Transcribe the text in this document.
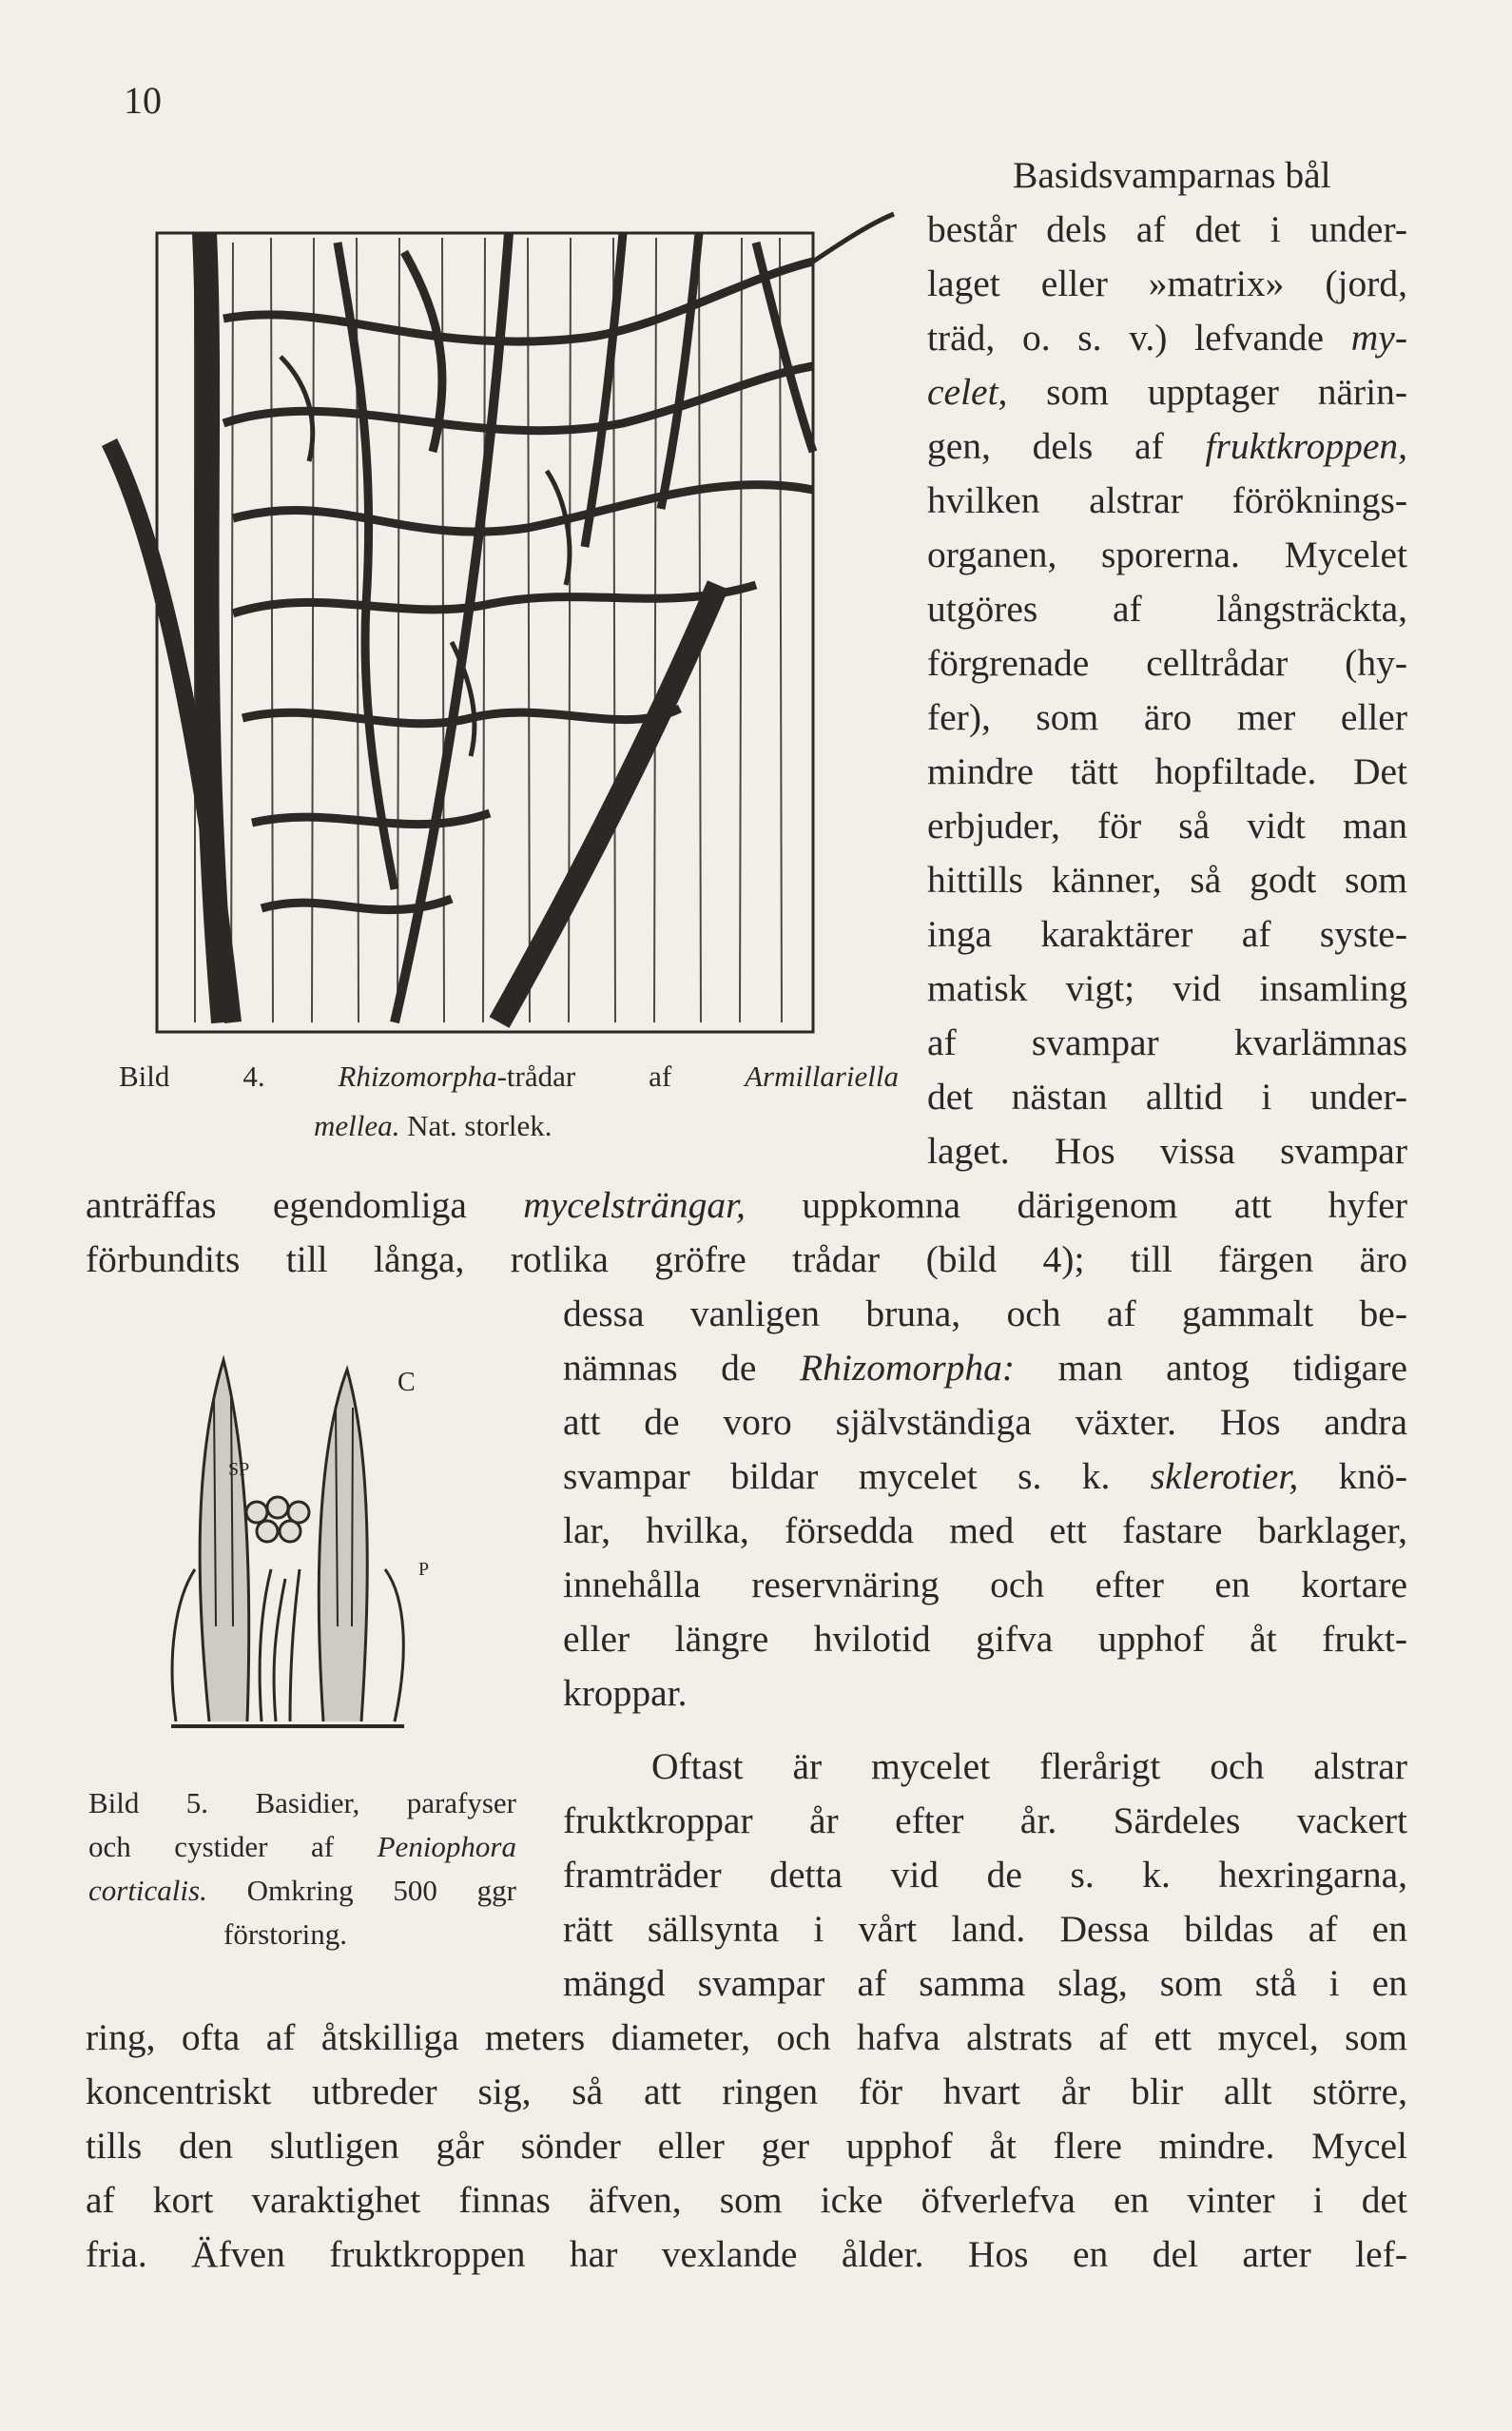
10
Bild 4. Rhizomorpha-trådar af Armillariella
mellea. Nat. storlek.
Basidsvamparnas bål
består dels af det i under-
laget eller »matrix» (jord,
träd, o. s. v.) lefvande my-
celet, som upptager närin-
gen, dels af fruktkroppen,
hvilken alstrar föröknings-
organen, sporerna. Mycelet
utgöres af långsträckta,
förgrenade celltrådar (hy-
fer), som äro mer eller
mindre tätt hopfiltade. Det
erbjuder, för så vidt man
hittills känner, så godt som
inga karaktärer af syste-
matisk vigt; vid insamling
af svampar kvarlämnas
det nästan alltid i under-
laget. Hos vissa svampar
anträffas egendomliga mycelsträngar, uppkomna därigenom att hyfer
förbundits till långa, rotlika gröfre trådar (bild 4); till färgen äro
C
SP
P
Bild 5. Basidier, parafyser
och cystider af Peniophora
corticalis. Omkring 500 ggr
förstoring.
dessa vanligen bruna, och af gammalt be-
nämnas de Rhizomorpha: man antog tidigare
att de voro självständiga växter. Hos andra
svampar bildar mycelet s. k. sklerotier, knö-
lar, hvilka, försedda med ett fastare barklager,
innehålla reservnäring och efter en kortare
eller längre hvilotid gifva upphof åt frukt-
kroppar.
Oftast är mycelet flerårigt och alstrar
fruktkroppar år efter år. Särdeles vackert
framträder detta vid de s. k. hexringarna,
rätt sällsynta i vårt land. Dessa bildas af en
mängd svampar af samma slag, som stå i en
ring, ofta af åtskilliga meters diameter, och hafva alstrats af ett mycel, som
koncentriskt utbreder sig, så att ringen för hvart år blir allt större,
tills den slutligen går sönder eller ger upphof åt flere mindre. Mycel
af kort varaktighet finnas äfven, som icke öfverlefva en vinter i det
fria. Äfven fruktkroppen har vexlande ålder. Hos en del arter lef-
